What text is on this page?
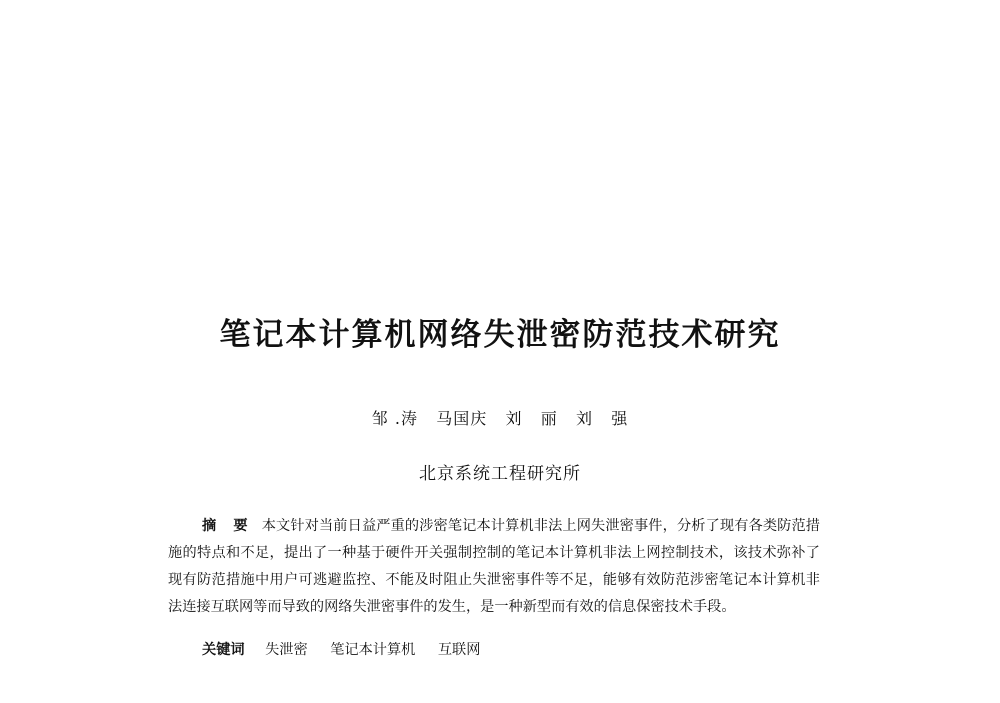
笔记本计算机网络失泄密防范技术研究
邹 .涛   马国庆   刘   丽   刘   强
北京系统工程研究所

摘 要 本文针对当前日益严重的涉密笔记本计算机非法上网失泄密事件，分析了现有各类防范措施的特点和不足，提出了一种基于硬件开关强制控制的笔记本计算机非法上网控制技术，该技术弥补了现有防范措施中用户可逃避监控、不能及时阻止失泄密事件等不足，能够有效防范涉密笔记本计算机非法连接互联网等而导致的网络失泄密事件的发生，是一种新型而有效的信息保密技术手段。

关键词 失泄密 笔记本计算机 互联网
